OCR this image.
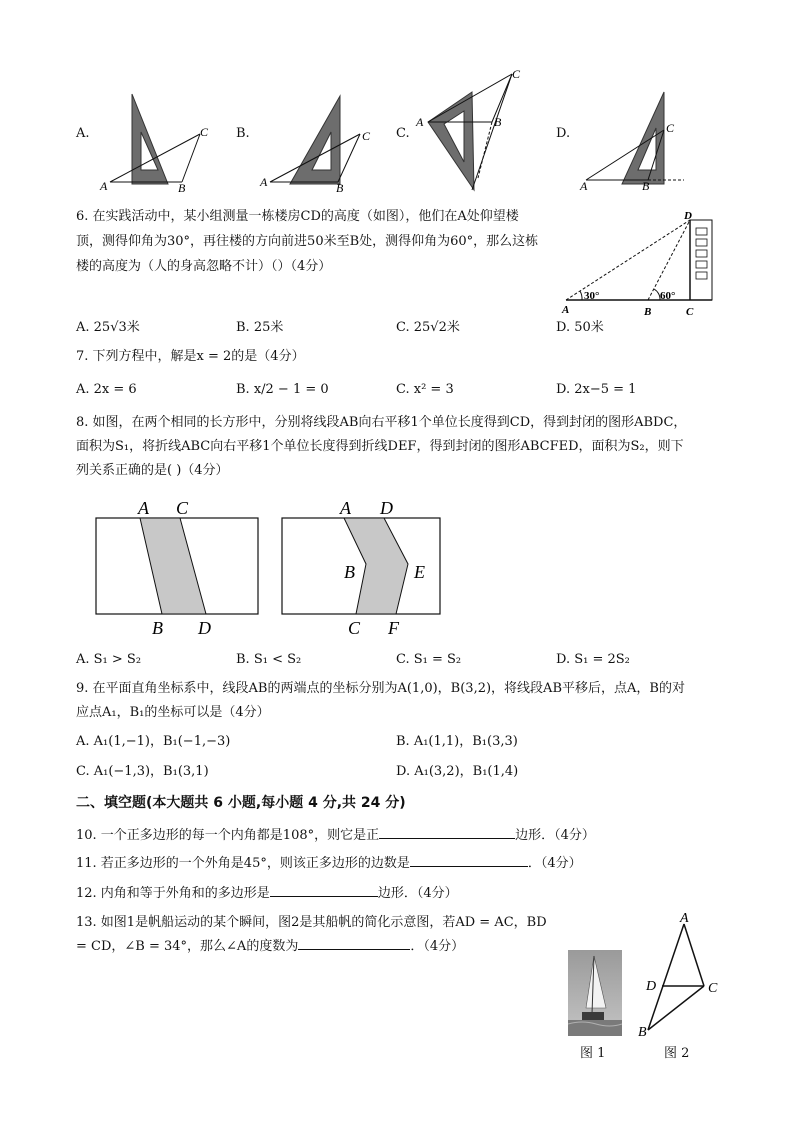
A.
A	B
C B.
A	B
C C.
A	B
C
D.
A	B
C
6. 在实践活动中，某小组测量一栋楼房CD的高度（如图），他们在A处仰望楼
顶，测得仰角为30°，再往楼的方向前进50米至B处，测得仰角为60°，那么这栋
楼的高度为（人的身高忽略不计）（）（4分）
D
A	B	C
30°	60°
A. 25√3米	B. 25米	C. 25√2米	D. 50米
7. 下列方程中，解是x = 2的是（4分）
A. 2x = 6	B. x/2 − 1 = 0	C. x² = 3	D. 2x−5 = 1
8. 如图，在两个相同的长方形中，分别将线段AB向右平移1个单位长度得到CD，得到封闭的图形ABDC，
面积为S₁，将折线ABC向右平移1个单位长度得到折线DEF，得到封闭的图形ABCFED，面积为S₂，则下
列关系正确的是( )（4分）
A C
B D
A D
B	E
C F
A. S₁ > S₂	B. S₁ < S₂	C. S₁ = S₂	D. S₁ = 2S₂
9. 在平面直角坐标系中，线段AB的两端点的坐标分别为A(1,0)，B(3,2)，将线段AB平移后，点A，B的对
应点A₁，B₁的坐标可以是（4分）
A. A₁(1,−1)，B₁(−1,−3)	B. A₁(1,1)，B₁(3,3)
C. A₁(−1,3)，B₁(3,1)	D. A₁(3,2)，B₁(1,4)
二、填空题(本大题共 6 小题,每小题 4 分,共 24 分)
10. 一个正多边形的每一个内角都是108°，则它是正	边形．（4分）
11. 若正多边形的一个外角是45°，则该正多边形的边数是	．（4分）
12. 内角和等于外角和的多边形是	边形．（4分）
13. 如图1是帆船运动的某个瞬间，图2是其船帆的简化示意图，若AD = AC，BD
= CD，∠B = 34°，那么∠A的度数为	．（4分）
A
D	C
B
图 1	图 2
